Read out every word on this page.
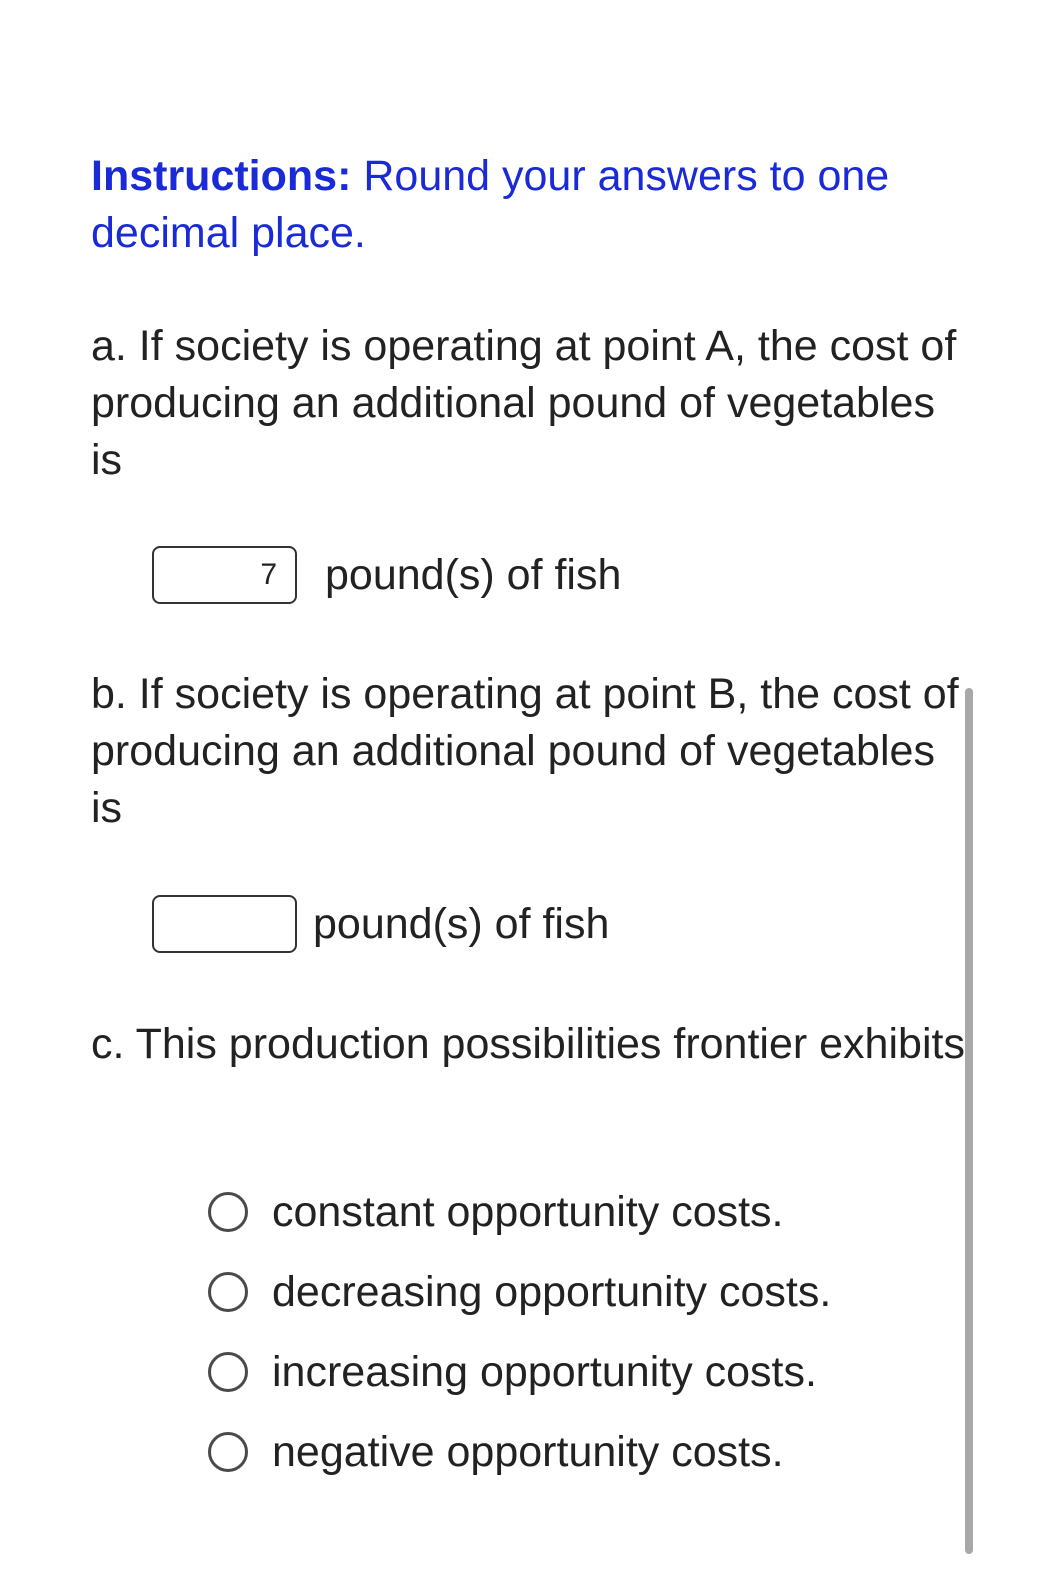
Instructions: Round your answers to one decimal place.
a. If society is operating at point A, the cost of producing an additional pound of vegetables is
7	pound(s) of fish
b. If society is operating at point B, the cost of producing an additional pound of vegetables is
pound(s) of fish
c. This production possibilities frontier exhibits
constant opportunity costs.
decreasing opportunity costs.
increasing opportunity costs.
negative opportunity costs.
